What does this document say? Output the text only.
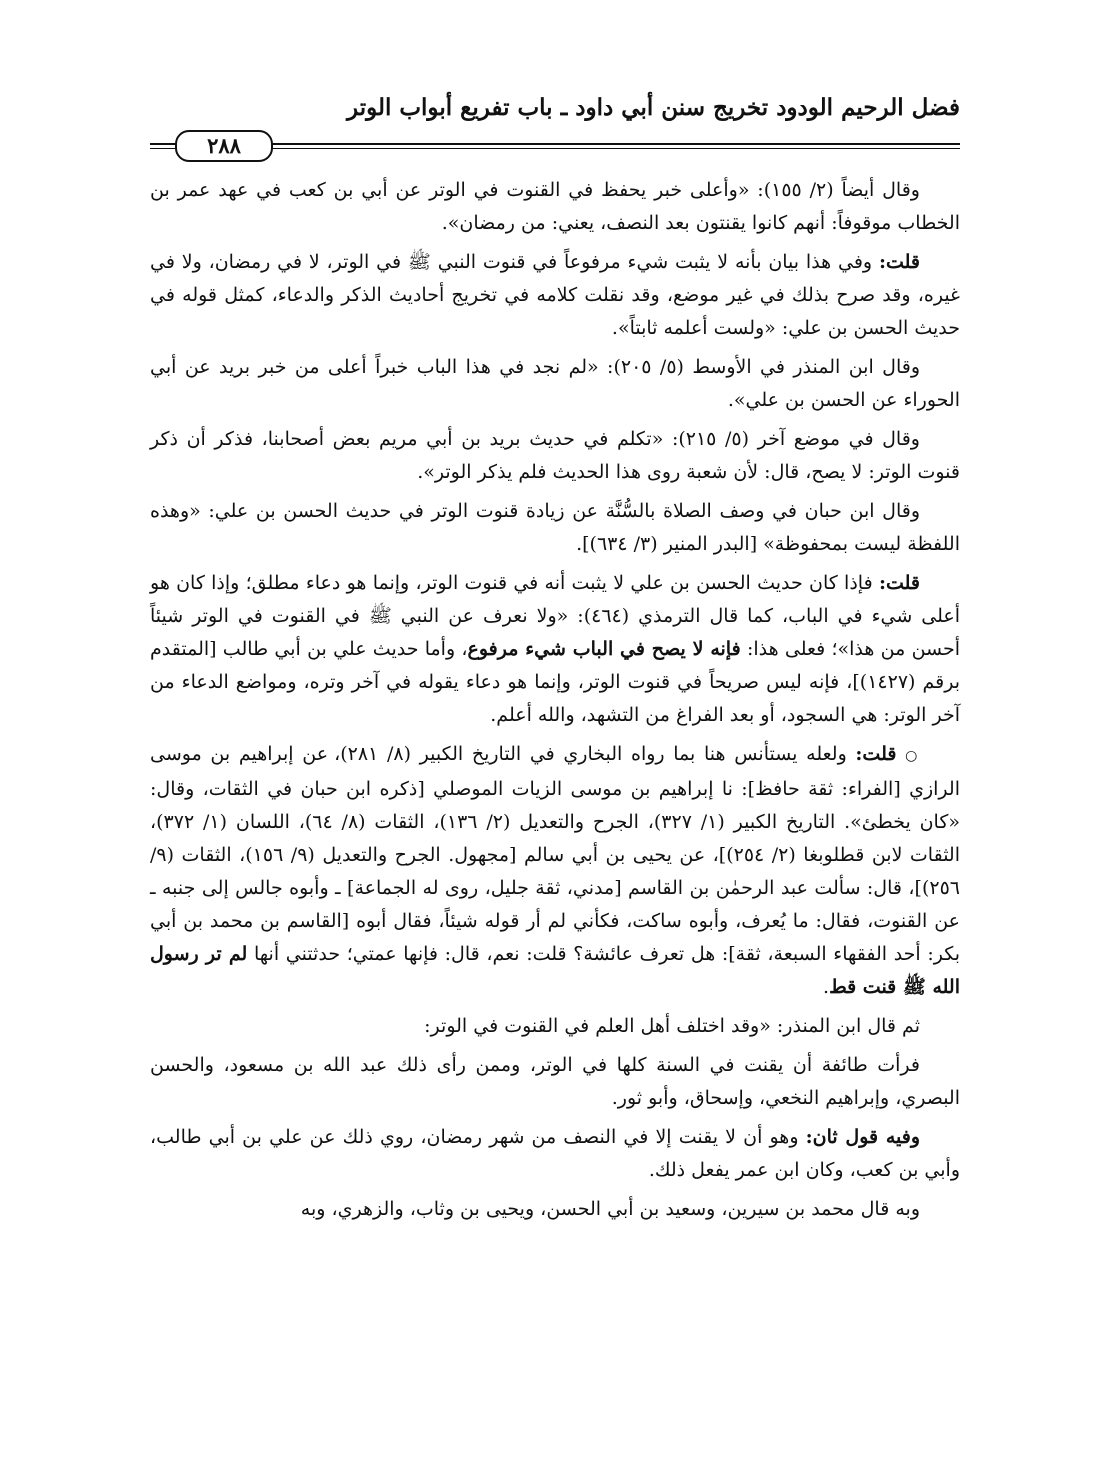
فضل الرحيم الودود تخريج سنن أبي داود ـ باب تفريع أبواب الوتر
٢٨٨

وقال أيضاً (٢/ ١٥٥): «وأعلى خبر يحفظ في القنوت في الوتر عن أبي بن كعب في عهد عمر بن الخطاب موقوفاً: أنهم كانوا يقنتون بعد النصف، يعني: من رمضان».

قلت: وفي هذا بيان بأنه لا يثبت شيء مرفوعاً في قنوت النبي ﷺ في الوتر، لا في رمضان، ولا في غيره، وقد صرح بذلك في غير موضع، وقد نقلت كلامه في تخريج أحاديث الذكر والدعاء، كمثل قوله في حديث الحسن بن علي: «ولست أعلمه ثابتاً».

وقال ابن المنذر في الأوسط (٥/ ٢٠٥): «لم نجد في هذا الباب خبراً أعلى من خبر بريد عن أبي الحوراء عن الحسن بن علي».

وقال في موضع آخر (٥/ ٢١٥): «تكلم في حديث بريد بن أبي مريم بعض أصحابنا، فذكر أن ذكر قنوت الوتر: لا يصح، قال: لأن شعبة روى هذا الحديث فلم يذكر الوتر».

وقال ابن حبان في وصف الصلاة بالسُّنَّة عن زيادة قنوت الوتر في حديث الحسن بن علي: «وهذه اللفظة ليست بمحفوظة» [البدر المنير (٣/ ٦٣٤)].

قلت: فإذا كان حديث الحسن بن علي لا يثبت أنه في قنوت الوتر، وإنما هو دعاء مطلق؛ وإذا كان هو أعلى شيء في الباب، كما قال الترمذي (٤٦٤): «ولا نعرف عن النبي ﷺ في القنوت في الوتر شيئاً أحسن من هذا»؛ فعلى هذا: فإنه لا يصح في الباب شيء مرفوع، وأما حديث علي بن أبي طالب [المتقدم برقم (١٤٢٧)]، فإنه ليس صريحاً في قنوت الوتر، وإنما هو دعاء يقوله في آخر وتره، ومواضع الدعاء من آخر الوتر: هي السجود، أو بعد الفراغ من التشهد، والله أعلم.

○ قلت: ولعله يستأنس هنا بما رواه البخاري في التاريخ الكبير (٨/ ٢٨١)، عن إبراهيم بن موسى الرازي [الفراء: ثقة حافظ]: نا إبراهيم بن موسى الزيات الموصلي [ذكره ابن حبان في الثقات، وقال: «كان يخطئ». التاريخ الكبير (١/ ٣٢٧)، الجرح والتعديل (٢/ ١٣٦)، الثقات (٨/ ٦٤)، اللسان (١/ ٣٧٢)، الثقات لابن قطلوبغا (٢/ ٢٥٤)]، عن يحيى بن أبي سالم [مجهول. الجرح والتعديل (٩/ ١٥٦)، الثقات (٩/ ٢٥٦)]، قال: سألت عبد الرحمٰن بن القاسم [مدني، ثقة جليل، روى له الجماعة] ـ وأبوه جالس إلى جنبه ـ عن القنوت، فقال: ما يُعرف، وأبوه ساكت، فكأني لم أر قوله شيئاً، فقال أبوه [القاسم بن محمد بن أبي بكر: أحد الفقهاء السبعة، ثقة]: هل تعرف عائشة؟ قلت: نعم، قال: فإنها عمتي؛ حدثتني أنها لم تر رسول الله ﷺ قنت قط.

ثم قال ابن المنذر: «وقد اختلف أهل العلم في القنوت في الوتر:

فرأت طائفة أن يقنت في السنة كلها في الوتر، وممن رأى ذلك عبد الله بن مسعود، والحسن البصري، وإبراهيم النخعي، وإسحاق، وأبو ثور.

وفيه قول ثان: وهو أن لا يقنت إلا في النصف من شهر رمضان، روي ذلك عن علي بن أبي طالب، وأبي بن كعب، وكان ابن عمر يفعل ذلك.

وبه قال محمد بن سيرين، وسعيد بن أبي الحسن، ويحيى بن وثاب، والزهري، وبه
